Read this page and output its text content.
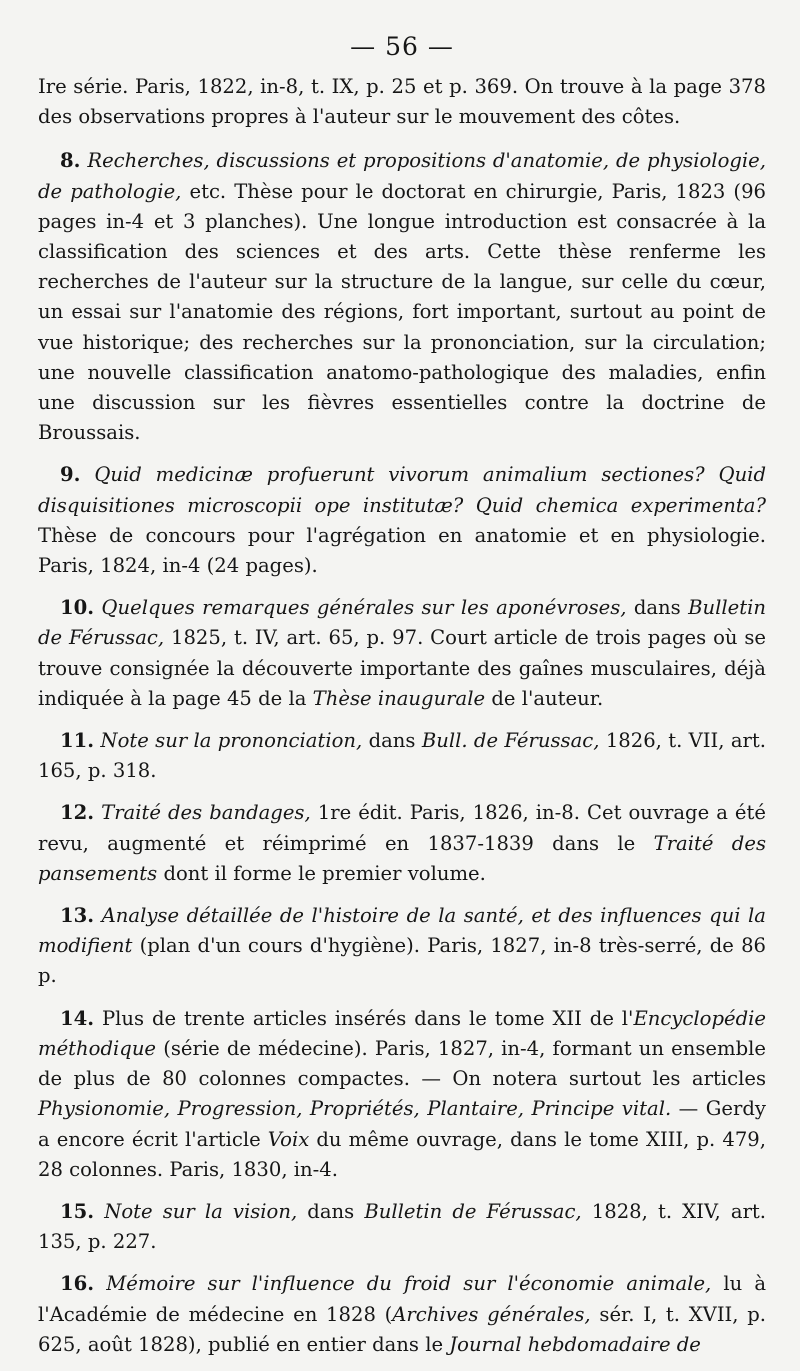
— 56 —

Ire série. Paris, 1822, in-8, t. IX, p. 25 et p. 369. On trouve à la page 378 des observations propres à l'auteur sur le mouvement des côtes.

8. Recherches, discussions et propositions d'anatomie, de physiologie, de pathologie, etc. Thèse pour le doctorat en chirurgie, Paris, 1823 (96 pages in-4 et 3 planches). Une longue introduction est consacrée à la classification des sciences et des arts. Cette thèse renferme les recherches de l'auteur sur la structure de la langue, sur celle du cœur, un essai sur l'anatomie des régions, fort important, surtout au point de vue historique; des recherches sur la prononciation, sur la circulation; une nouvelle classification anatomo-pathologique des maladies, enfin une discussion sur les fièvres essentielles contre la doctrine de Broussais.

9. Quid medicinæ profuerunt vivorum animalium sectiones? Quid disquisitiones microscopii ope institutæ? Quid chemica experimenta? Thèse de concours pour l'agrégation en anatomie et en physiologie. Paris, 1824, in-4 (24 pages).

10. Quelques remarques générales sur les aponévroses, dans Bulletin de Férussac, 1825, t. IV, art. 65, p. 97. Court article de trois pages où se trouve consignée la découverte importante des gaînes musculaires, déjà indiquée à la page 45 de la Thèse inaugurale de l'auteur.

11. Note sur la prononciation, dans Bull. de Férussac, 1826, t. VII, art. 165, p. 318.

12. Traité des bandages, 1re édit. Paris, 1826, in-8. Cet ouvrage a été revu, augmenté et réimprimé en 1837-1839 dans le Traité des pansements dont il forme le premier volume.

13. Analyse détaillée de l'histoire de la santé, et des influences qui la modifient (plan d'un cours d'hygiène). Paris, 1827, in-8 très-serré, de 86 p.

14. Plus de trente articles insérés dans le tome XII de l'Encyclopédie méthodique (série de médecine). Paris, 1827, in-4, formant un ensemble de plus de 80 colonnes compactes. — On notera surtout les articles Physionomie, Progression, Propriétés, Plantaire, Principe vital. — Gerdy a encore écrit l'article Voix du même ouvrage, dans le tome XIII, p. 479, 28 colonnes. Paris, 1830, in-4.

15. Note sur la vision, dans Bulletin de Férussac, 1828, t. XIV, art. 135, p. 227.

16. Mémoire sur l'influence du froid sur l'économie animale, lu à l'Académie de médecine en 1828 (Archives générales, sér. I, t. XVII, p. 625, août 1828), publié en entier dans le Journal hebdomadaire de
